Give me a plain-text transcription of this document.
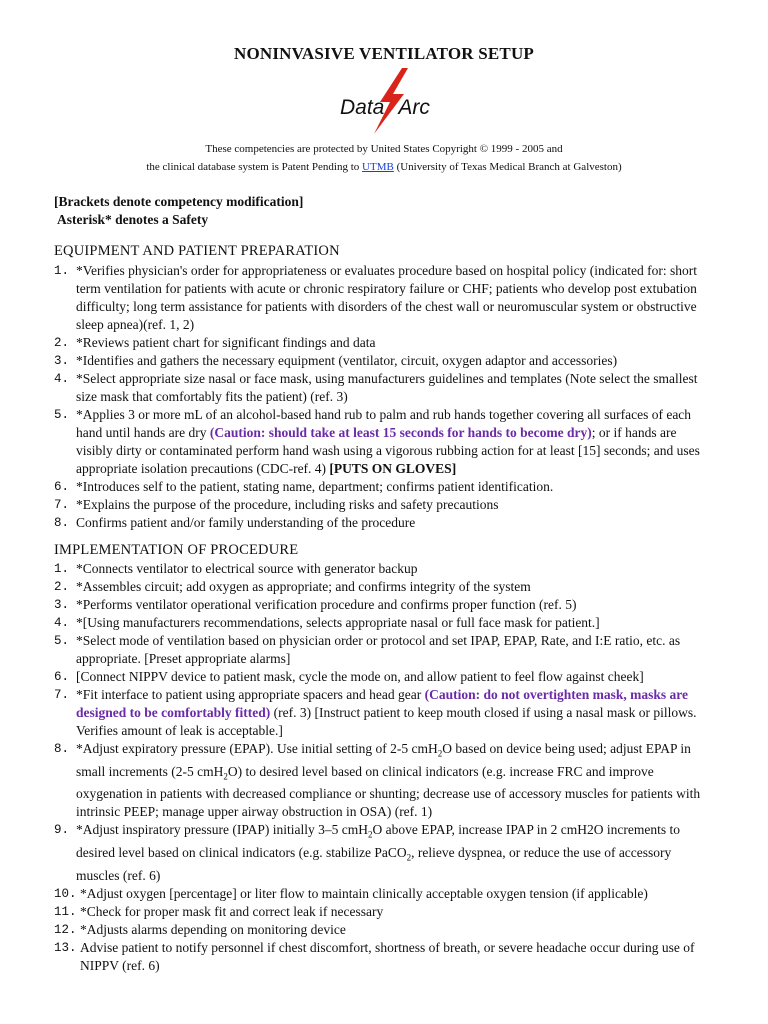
NONINVASIVE VENTILATOR SETUP
Data Arc
These competencies are protected by United States Copyright © 1999 - 2005 and
the clinical database system is Patent Pending to UTMB (University of Texas Medical Branch at Galveston)
[Brackets denote competency modification]
Asterisk* denotes a Safety
EQUIPMENT AND PATIENT PREPARATION
1. *Verifies physician's order for appropriateness or evaluates procedure based on hospital policy (indicated for: short term ventilation for patients with acute or chronic respiratory failure or CHF; patients who develop post extubation difficulty; long term assistance for patients with disorders of the chest wall or neuromuscular system or obstructive sleep apnea)(ref. 1, 2)
2. *Reviews patient chart for significant findings and data
3. *Identifies and gathers the necessary equipment (ventilator, circuit, oxygen adaptor and accessories)
4. *Select appropriate size nasal or face mask, using manufacturers guidelines and templates (Note select the smallest size mask that comfortably fits the patient) (ref. 3)
5. *Applies 3 or more mL of an alcohol-based hand rub to palm and rub hands together covering all surfaces of each hand until hands are dry (Caution: should take at least 15 seconds for hands to become dry); or if hands are visibly dirty or contaminated perform hand wash using a vigorous rubbing action for at least [15] seconds; and uses appropriate isolation precautions (CDC-ref. 4) [PUTS ON GLOVES]
6. *Introduces self to the patient, stating name, department; confirms patient identification.
7. *Explains the purpose of the procedure, including risks and safety precautions
8. Confirms patient and/or family understanding of the procedure
IMPLEMENTATION OF PROCEDURE
1. *Connects ventilator to electrical source with generator backup
2. *Assembles circuit; add oxygen as appropriate; and confirms integrity of the system
3. *Performs ventilator operational verification procedure and confirms proper function (ref. 5)
4. *[Using manufacturers recommendations, selects appropriate nasal or full face mask for patient.]
5. *Select mode of ventilation based on physician order or protocol and set IPAP, EPAP, Rate, and I:E ratio, etc. as appropriate. [Preset appropriate alarms]
6. [Connect NIPPV device to patient mask, cycle the mode on, and allow patient to feel flow against cheek]
7. *Fit interface to patient using appropriate spacers and head gear (Caution: do not overtighten mask, masks are designed to be comfortably fitted) (ref. 3) [Instruct patient to keep mouth closed if using a nasal mask or pillows. Verifies amount of leak is acceptable.]
8. *Adjust expiratory pressure (EPAP). Use initial setting of 2-5 cmH$_2$O based on device being used; adjust EPAP in small increments (2-5 cmH$_2$O) to desired level based on clinical indicators (e.g. increase FRC and improve oxygenation in patients with decreased compliance or shunting; decrease use of accessory muscles for patients with intrinsic PEEP; manage upper airway obstruction in OSA) (ref. 1)
9. *Adjust inspiratory pressure (IPAP) initially 3–5 cmH$_2$O above EPAP, increase IPAP in 2 cmH2O increments to desired level based on clinical indicators (e.g. stabilize PaCO$_2$, relieve dyspnea, or reduce the use of accessory muscles (ref. 6)
10. *Adjust oxygen [percentage] or liter flow to maintain clinically acceptable oxygen tension (if applicable)
11. *Check for proper mask fit and correct leak if necessary
12. *Adjusts alarms depending on monitoring device
13. Advise patient to notify personnel if chest discomfort, shortness of breath, or severe headache occur during use of NIPPV (ref. 6)
